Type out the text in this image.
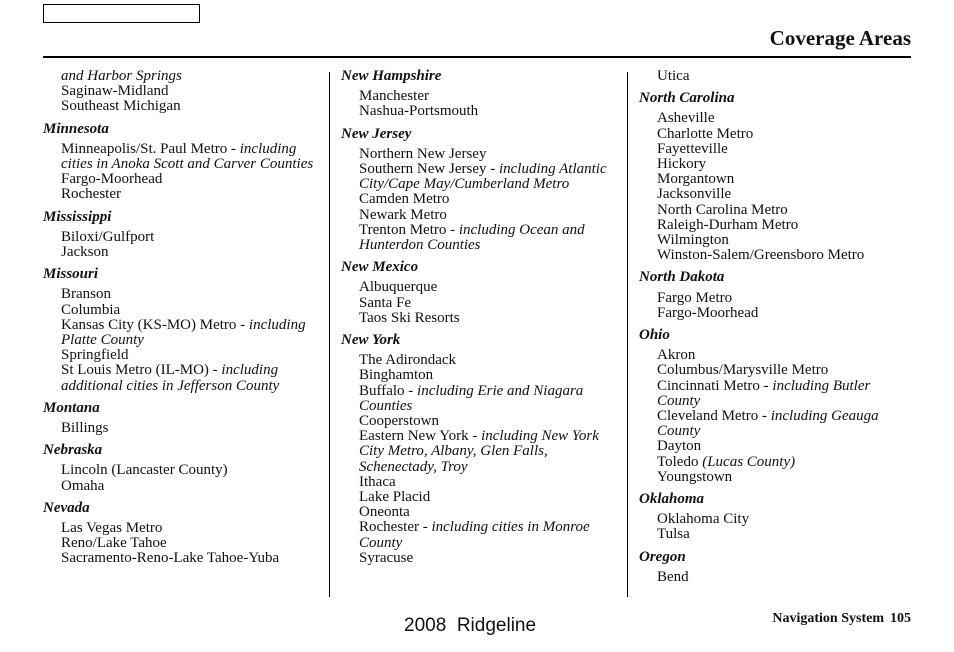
Coverage Areas
and Harbor Springs
Saginaw-Midland
Southeast Michigan
Minnesota
Minneapolis/St. Paul Metro - including cities in Anoka Scott and Carver Counties
Fargo-Moorhead
Rochester
Mississippi
Biloxi/Gulfport
Jackson
Missouri
Branson
Columbia
Kansas City (KS-MO) Metro - including Platte County
Springfield
St Louis Metro (IL-MO) - including additional cities in Jefferson County
Montana
Billings
Nebraska
Lincoln (Lancaster County)
Omaha
Nevada
Las Vegas Metro
Reno/Lake Tahoe
Sacramento-Reno-Lake Tahoe-Yuba
New Hampshire
Manchester
Nashua-Portsmouth
New Jersey
Northern New Jersey
Southern New Jersey - including Atlantic City/Cape May/Cumberland Metro
Camden Metro
Newark Metro
Trenton Metro - including Ocean and Hunterdon Counties
New Mexico
Albuquerque
Santa Fe
Taos Ski Resorts
New York
The Adirondack
Binghamton
Buffalo - including Erie and Niagara Counties
Cooperstown
Eastern New York - including New York City Metro, Albany, Glen Falls, Schenectady, Troy
Ithaca
Lake Placid
Oneonta
Rochester - including cities in Monroe County
Syracuse
Utica
North Carolina
Asheville
Charlotte Metro
Fayetteville
Hickory
Morgantown
Jacksonville
North Carolina Metro
Raleigh-Durham Metro
Wilmington
Winston-Salem/Greensboro Metro
North Dakota
Fargo Metro
Fargo-Moorhead
Ohio
Akron
Columbus/Marysville Metro
Cincinnati Metro - including Butler County
Cleveland Metro - including Geauga County
Dayton
Toledo (Lucas County)
Youngstown
Oklahoma
Oklahoma City
Tulsa
Oregon
Bend
2008  Ridgeline	Navigation System 105
